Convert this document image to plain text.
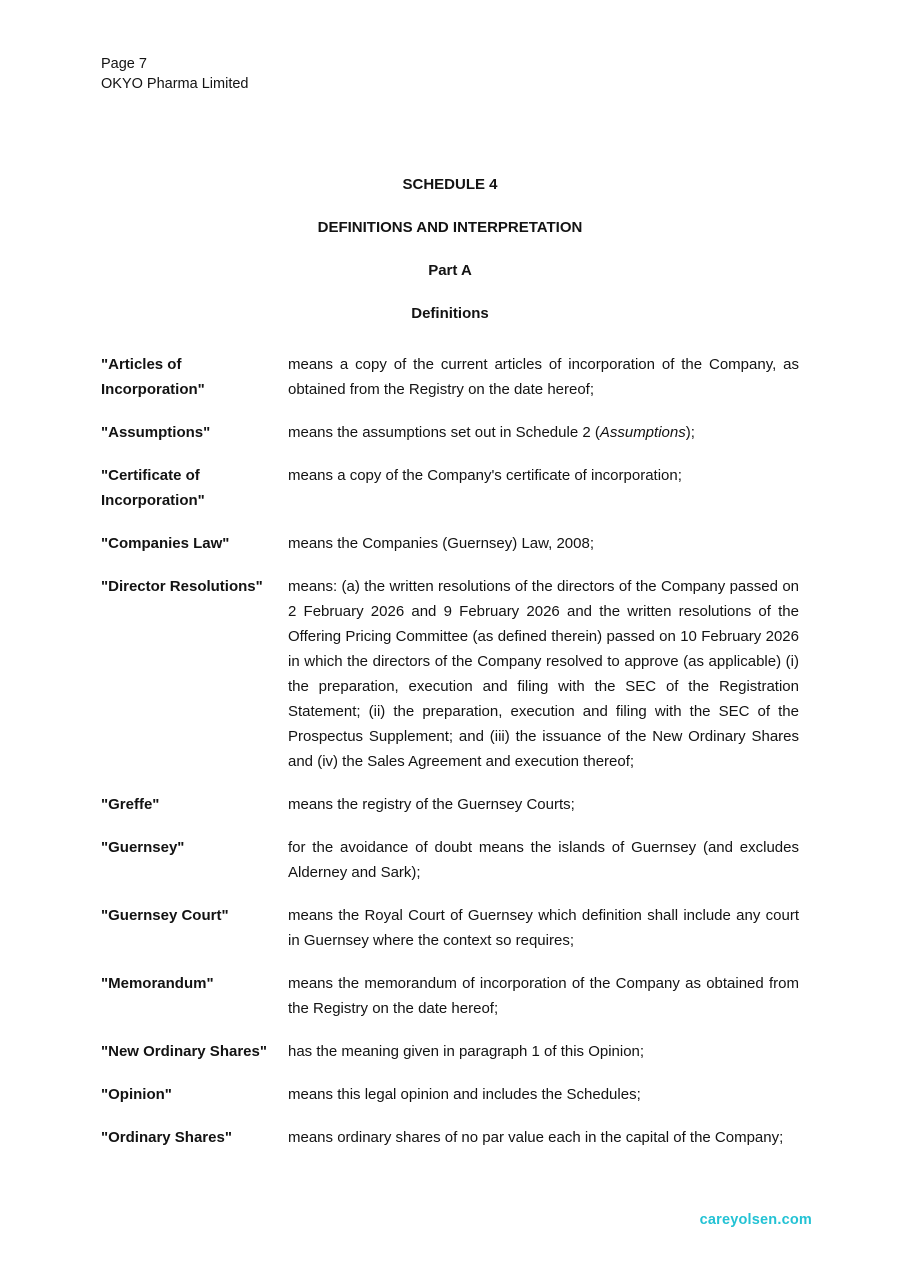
Page 7
OKYO Pharma Limited
SCHEDULE 4
DEFINITIONS AND INTERPRETATION
Part A
Definitions
"Articles of Incorporation"
means a copy of the current articles of incorporation of the Company, as obtained from the Registry on the date hereof;
"Assumptions"	means the assumptions set out in Schedule 2 (Assumptions);
"Certificate of Incorporation"
means a copy of the Company's certificate of incorporation;
"Companies Law"	means the Companies (Guernsey) Law, 2008;
"Director Resolutions"	means: (a) the written resolutions of the directors of the Company passed on 2 February 2026 and 9 February 2026 and the written resolutions of the Offering Pricing Committee (as defined therein) passed on 10 February 2026 in which the directors of the Company resolved to approve (as applicable) (i) the preparation, execution and filing with the SEC of the Registration Statement; (ii) the preparation, execution and filing with the SEC of the Prospectus Supplement; and (iii) the issuance of the New Ordinary Shares and (iv) the Sales Agreement and execution thereof;
"Greffe"	means the registry of the Guernsey Courts;
"Guernsey"	for the avoidance of doubt means the islands of Guernsey (and excludes Alderney and Sark);
"Guernsey Court"	means the Royal Court of Guernsey which definition shall include any court in Guernsey where the context so requires;
"Memorandum"	means the memorandum of incorporation of the Company as obtained from the Registry on the date hereof;
"New Ordinary Shares"	has the meaning given in paragraph 1 of this Opinion;
"Opinion"	means this legal opinion and includes the Schedules;
"Ordinary Shares"	means ordinary shares of no par value each in the capital of the Company;
careyolsen.com
